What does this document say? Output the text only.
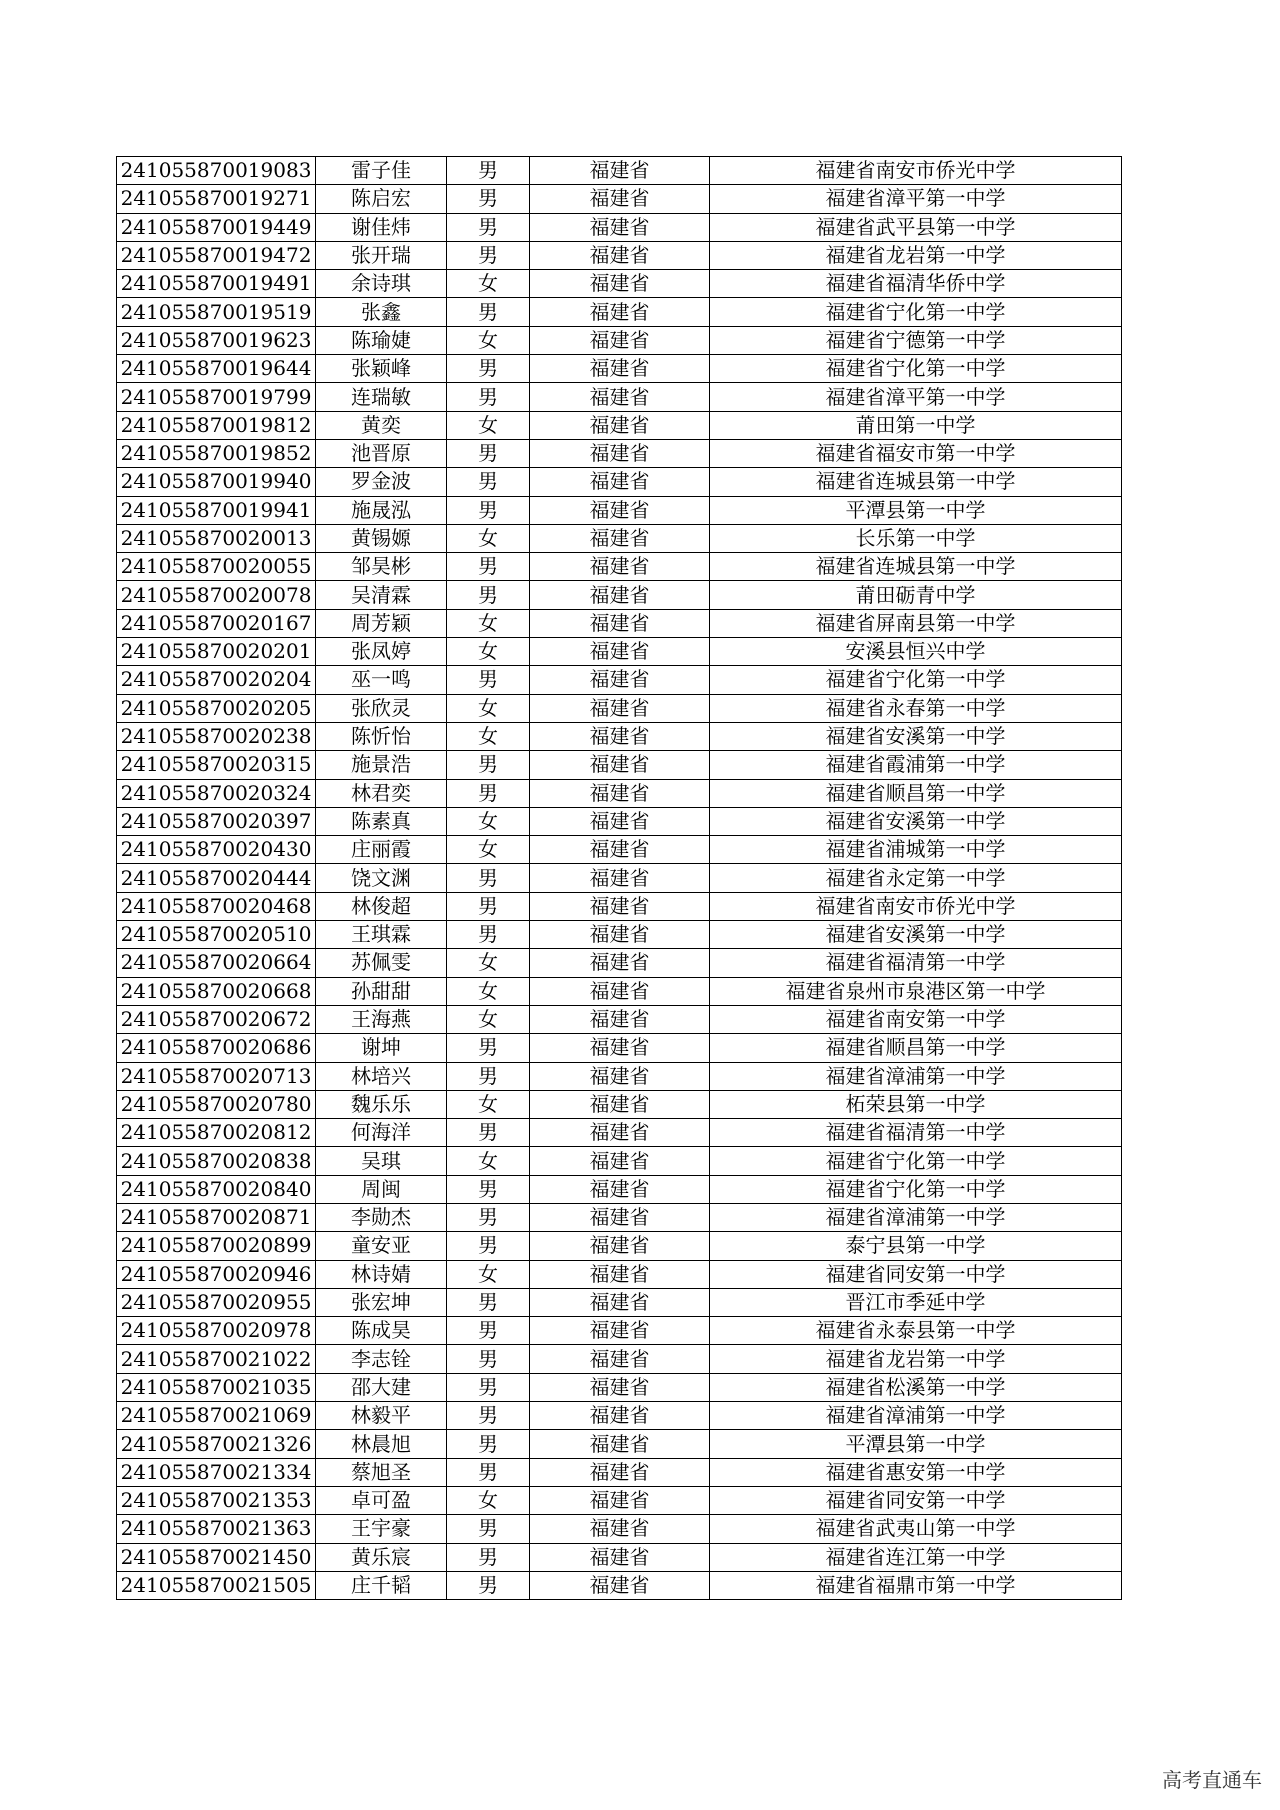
241055870019083	雷子佳	男	福建省	福建省南安市侨光中学
241055870019271	陈启宏	男	福建省	福建省漳平第一中学
241055870019449	谢佳炜	男	福建省	福建省武平县第一中学
241055870019472	张开瑞	男	福建省	福建省龙岩第一中学
241055870019491	余诗琪	女	福建省	福建省福清华侨中学
241055870019519	张鑫	男	福建省	福建省宁化第一中学
241055870019623	陈瑜婕	女	福建省	福建省宁德第一中学
241055870019644	张颖峰	男	福建省	福建省宁化第一中学
241055870019799	连瑞敏	男	福建省	福建省漳平第一中学
241055870019812	黄奕	女	福建省	莆田第一中学
241055870019852	池晋原	男	福建省	福建省福安市第一中学
241055870019940	罗金波	男	福建省	福建省连城县第一中学
241055870019941	施晟泓	男	福建省	平潭县第一中学
241055870020013	黄锡嫄	女	福建省	长乐第一中学
241055870020055	邹昊彬	男	福建省	福建省连城县第一中学
241055870020078	吴清霖	男	福建省	莆田砺青中学
241055870020167	周芳颖	女	福建省	福建省屏南县第一中学
241055870020201	张凤婷	女	福建省	安溪县恒兴中学
241055870020204	巫一鸣	男	福建省	福建省宁化第一中学
241055870020205	张欣灵	女	福建省	福建省永春第一中学
241055870020238	陈忻怡	女	福建省	福建省安溪第一中学
241055870020315	施景浩	男	福建省	福建省霞浦第一中学
241055870020324	林君奕	男	福建省	福建省顺昌第一中学
241055870020397	陈素真	女	福建省	福建省安溪第一中学
241055870020430	庄丽霞	女	福建省	福建省浦城第一中学
241055870020444	饶文渊	男	福建省	福建省永定第一中学
241055870020468	林俊超	男	福建省	福建省南安市侨光中学
241055870020510	王琪霖	男	福建省	福建省安溪第一中学
241055870020664	苏佩雯	女	福建省	福建省福清第一中学
241055870020668	孙甜甜	女	福建省	福建省泉州市泉港区第一中学
241055870020672	王海燕	女	福建省	福建省南安第一中学
241055870020686	谢坤	男	福建省	福建省顺昌第一中学
241055870020713	林培兴	男	福建省	福建省漳浦第一中学
241055870020780	魏乐乐	女	福建省	柘荣县第一中学
241055870020812	何海洋	男	福建省	福建省福清第一中学
241055870020838	吴琪	女	福建省	福建省宁化第一中学
241055870020840	周闽	男	福建省	福建省宁化第一中学
241055870020871	李勋杰	男	福建省	福建省漳浦第一中学
241055870020899	童安亚	男	福建省	泰宁县第一中学
241055870020946	林诗婧	女	福建省	福建省同安第一中学
241055870020955	张宏坤	男	福建省	晋江市季延中学
241055870020978	陈成昊	男	福建省	福建省永泰县第一中学
241055870021022	李志铨	男	福建省	福建省龙岩第一中学
241055870021035	邵大建	男	福建省	福建省松溪第一中学
241055870021069	林毅平	男	福建省	福建省漳浦第一中学
241055870021326	林晨旭	男	福建省	平潭县第一中学
241055870021334	蔡旭圣	男	福建省	福建省惠安第一中学
241055870021353	卓可盈	女	福建省	福建省同安第一中学
241055870021363	王宇豪	男	福建省	福建省武夷山第一中学
241055870021450	黄乐宸	男	福建省	福建省连江第一中学
241055870021505	庄千韬	男	福建省	福建省福鼎市第一中学
高考直通车
